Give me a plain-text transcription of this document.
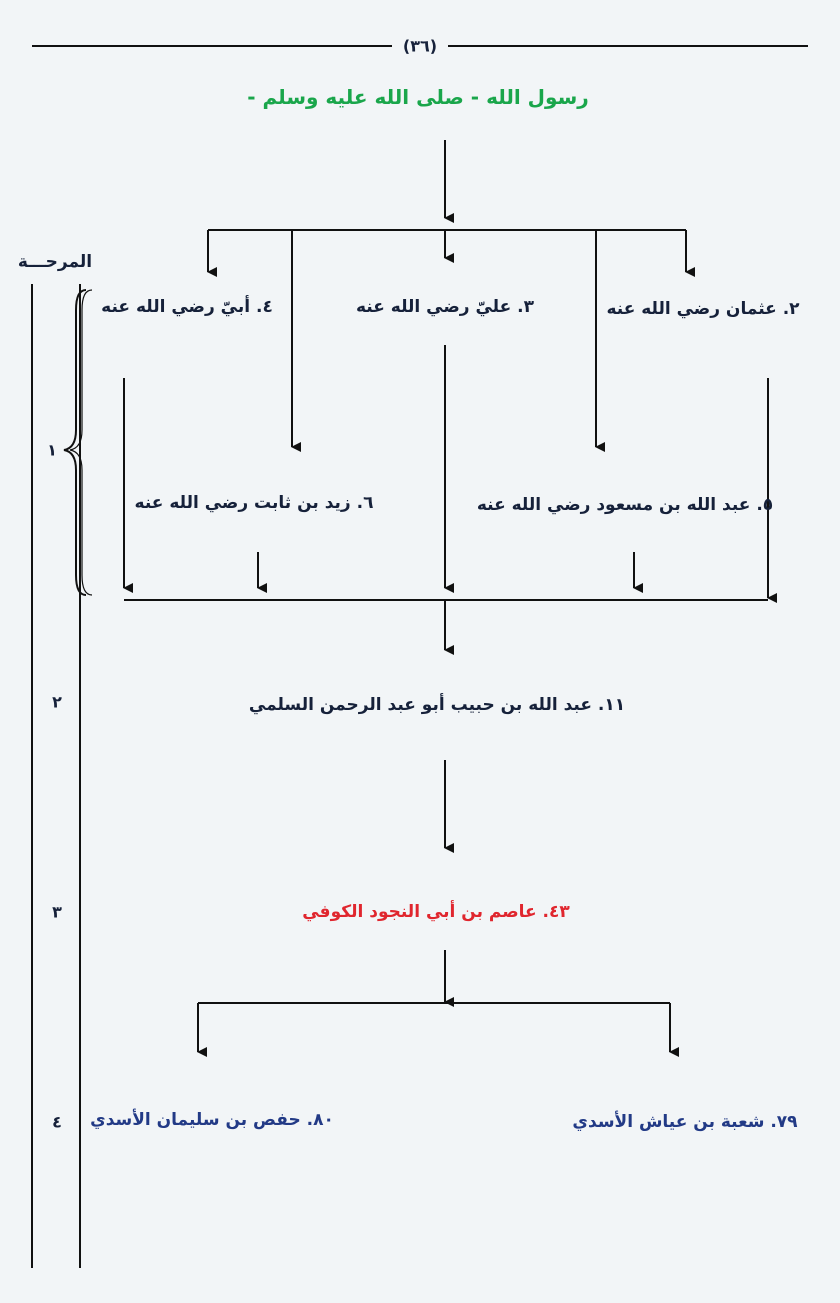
(٣٦)
المرحـــة
رسول الله - صلى الله عليه وسلم -
٢. عثمان رضي الله عنه
٣. عليّ رضي الله عنه
٤. أبيّ رضي الله عنه
٥. عبد الله بن مسعود رضي الله عنه
٦. زيد بن ثابت رضي الله عنه
١١. عبد الله بن حبيب أبو عبد الرحمن السلمي
٤٣. عاصم بن أبي النجود الكوفي
٧٩. شعبة بن عياش الأسدي
٨٠. حفص بن سليمان الأسدي
١
٢
٣
٤
